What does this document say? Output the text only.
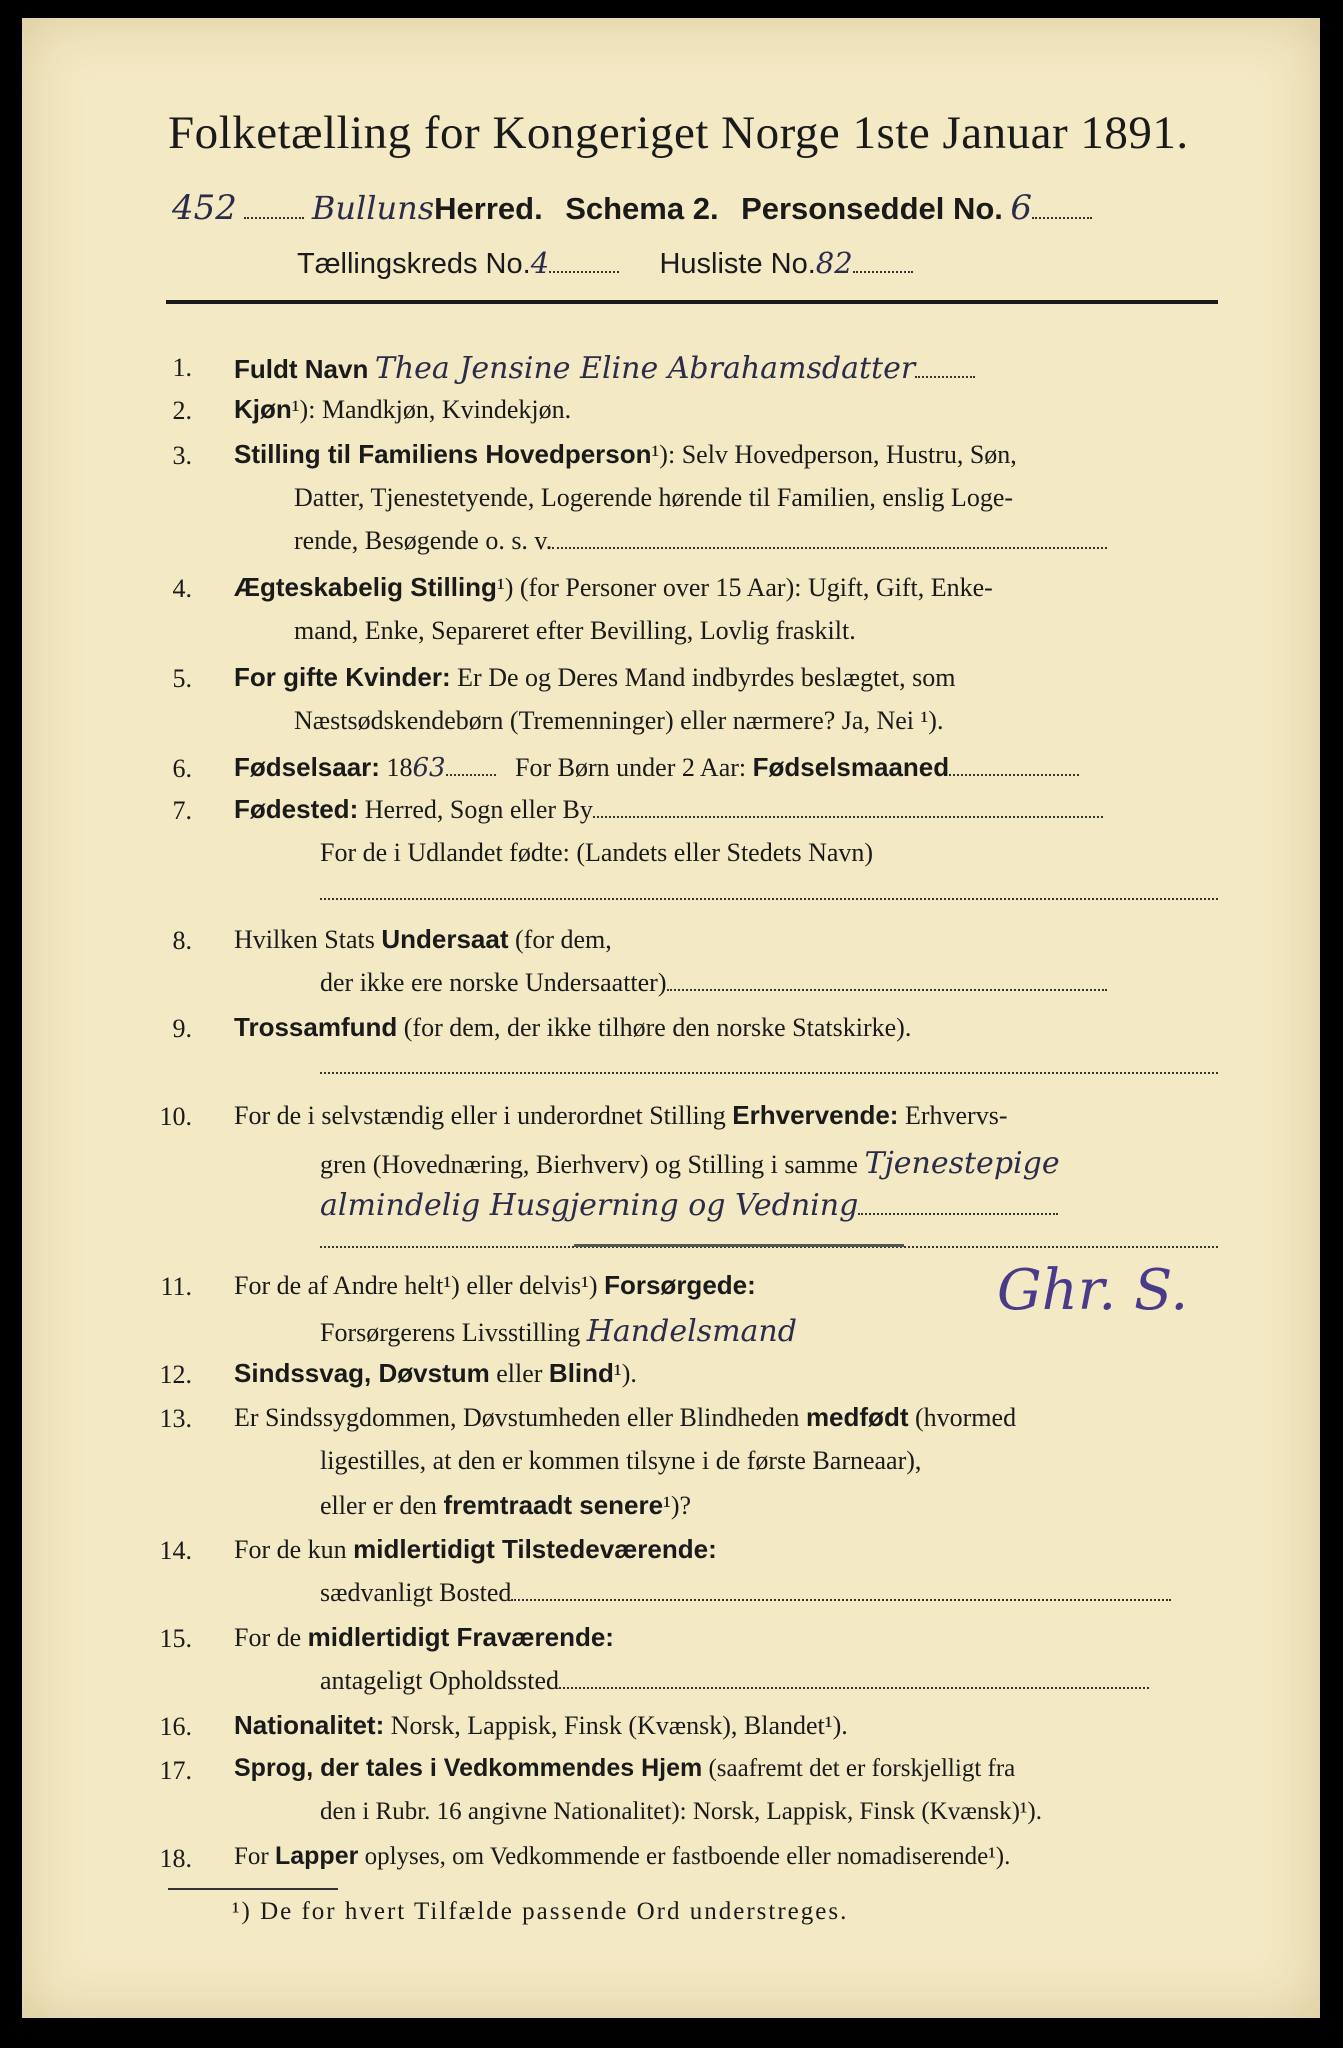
Folketælling for Kongeriget Norge 1ste Januar 1891.
452 BullunsHerred. Schema 2. Personseddel No. 6
Tællingskreds No.4	Husliste No.82
1. Fuldt Navn Thea Jensine Eline Abrahamsdatter
2. Kjøn¹): Mandkjøn, Kvindekjøn.
3. Stilling til Familiens Hovedperson¹): Selv Hovedperson, Hustru, Søn,
Datter, Tjenestetyende, Logerende hørende til Familien, enslig Loge-
rende, Besøgende o. s. v.
4. Ægteskabelig Stilling¹) (for Personer over 15 Aar): Ugift, Gift, Enke-
mand, Enke, Separeret efter Bevilling, Lovlig fraskilt.
5. For gifte Kvinder: Er De og Deres Mand indbyrdes beslægtet, som
Næstsødskendebørn (Tremenninger) eller nærmere? Ja, Nei ¹).
6. Fødselsaar: 1863	For Børn under 2 Aar: Fødselsmaaned
7. Fødested: Herred, Sogn eller By
For de i Udlandet fødte: (Landets eller Stedets Navn)
8. Hvilken Stats Undersaat (for dem,
der ikke ere norske Undersaatter)
9. Trossamfund (for dem, der ikke tilhøre den norske Statskirke).
10. For de i selvstændig eller i underordnet Stilling Erhvervende: Erhvervs-
gren (Hovednæring, Bierhverv) og Stilling i samme Tjenestepige
almindelig Husgjerning og Vedning
11. For de af Andre helt¹) eller delvis¹) Forsørgede:
Forsørgerens Livsstilling Handelsmand
Ghr. S.
12. Sindssvag, Døvstum eller Blind¹).
13. Er Sindssygdommen, Døvstumheden eller Blindheden medfødt (hvormed
ligestilles, at den er kommen tilsyne i de første Barneaar),
eller er den fremtraadt senere¹)?
14. For de kun midlertidigt Tilstedeværende:
sædvanligt Bosted
15. For de midlertidigt Fraværende:
antageligt Opholdssted
16. Nationalitet: Norsk, Lappisk, Finsk (Kvænsk), Blandet¹).
17. Sprog, der tales i Vedkommendes Hjem (saafremt det er forskjelligt fra
den i Rubr. 16 angivne Nationalitet): Norsk, Lappisk, Finsk (Kvænsk)¹).
18. For Lapper oplyses, om Vedkommende er fastboende eller nomadiserende¹).
¹) De for hvert Tilfælde passende Ord understreges.
